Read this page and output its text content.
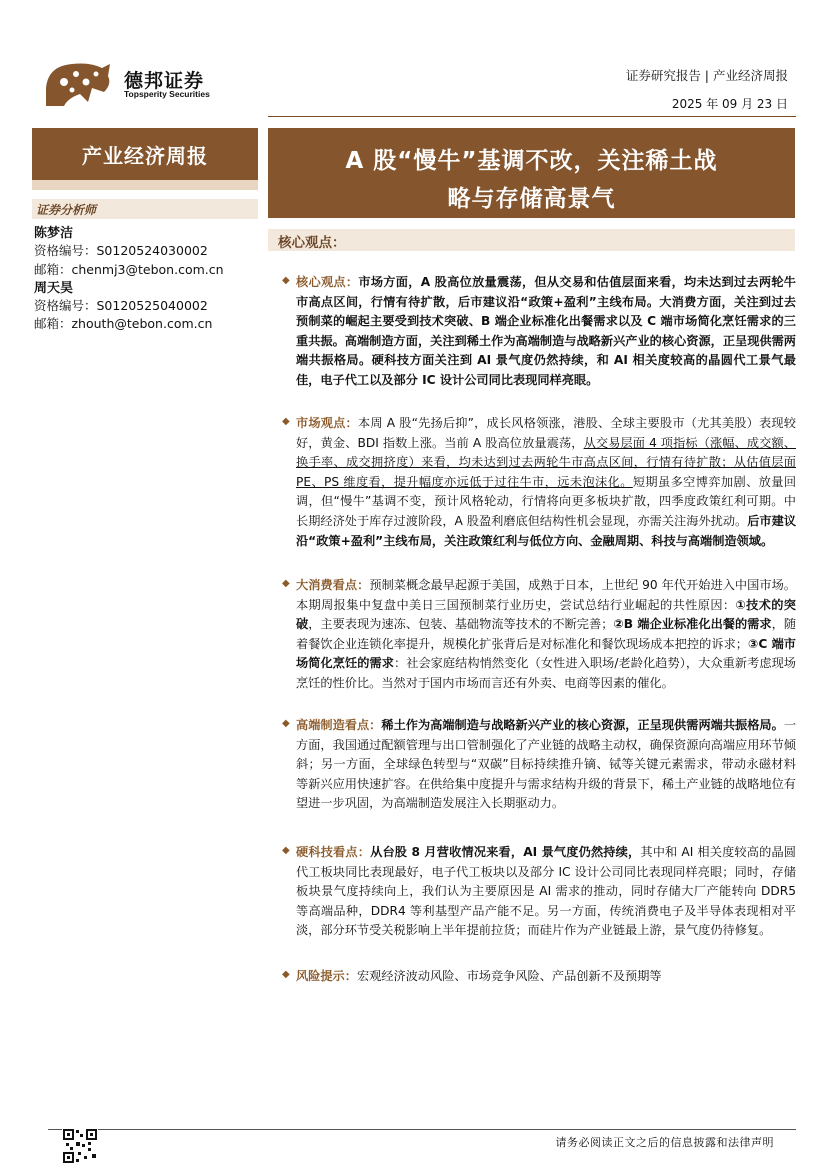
德邦证券
Topsperity Securities
证券研究报告 | 产业经济周报
2025 年 09 月 23 日
产业经济周报
证券分析师
陈梦洁
资格编号：S0120524030002
邮箱：chenmj3@tebon.com.cn
周天昊
资格编号：S0120525040002
邮箱：zhouth@tebon.com.cn
A 股“慢牛”基调不改，关注稀土战
略与存储高景气
核心观点：
◆ 核心观点：市场方面，A 股高位放量震荡，但从交易和估值层面来看，均未达到过去两轮牛市高点区间，行情有待扩散，后市建议沿“政策+盈利”主线布局。大消费方面，关注到过去预制菜的崛起主要受到技术突破、B 端企业标准化出餐需求以及 C 端市场简化烹饪需求的三重共振。高端制造方面，关注到稀土作为高端制造与战略新兴产业的核心资源，正呈现供需两端共振格局。硬科技方面关注到 AI 景气度仍然持续，和 AI 相关度较高的晶圆代工景气最佳，电子代工以及部分 IC 设计公司同比表现同样亮眼。
◆ 市场观点：本周 A 股“先扬后抑”，成长风格领涨，港股、全球主要股市（尤其美股）表现较好，黄金、BDI 指数上涨。当前 A 股高位放量震荡，从交易层面 4 项指标（涨幅、成交额、换手率、成交拥挤度）来看，均未达到过去两轮牛市高点区间，行情有待扩散；从估值层面 PE、PS 维度看，提升幅度亦远低于过往牛市，远未泡沫化。短期虽多空博弈加剧、放量回调，但“慢牛”基调不变，预计风格轮动，行情将向更多板块扩散，四季度政策红利可期。中长期经济处于库存过渡阶段，A 股盈利磨底但结构性机会显现，亦需关注海外扰动。后市建议沿“政策+盈利”主线布局，关注政策红利与低位方向、金融周期、科技与高端制造领域。
◆ 大消费看点：预制菜概念最早起源于美国，成熟于日本，上世纪 90 年代开始进入中国市场。本期周报集中复盘中美日三国预制菜行业历史，尝试总结行业崛起的共性原因：①技术的突破，主要表现为速冻、包装、基础物流等技术的不断完善；②B 端企业标准化出餐的需求，随着餐饮企业连锁化率提升，规模化扩张背后是对标准化和餐饮现场成本把控的诉求；③C 端市场简化烹饪的需求：社会家庭结构悄然变化（女性进入职场/老龄化趋势），大众重新考虑现场烹饪的性价比。当然对于国内市场而言还有外卖、电商等因素的催化。
◆ 高端制造看点：稀土作为高端制造与战略新兴产业的核心资源，正呈现供需两端共振格局。一方面，我国通过配额管理与出口管制强化了产业链的战略主动权，确保资源向高端应用环节倾斜；另一方面，全球绿色转型与“双碳”目标持续推升镝、铽等关键元素需求，带动永磁材料等新兴应用快速扩容。在供给集中度提升与需求结构升级的背景下，稀土产业链的战略地位有望进一步巩固，为高端制造发展注入长期驱动力。
◆ 硬科技看点：从台股 8 月营收情况来看，AI 景气度仍然持续，其中和 AI 相关度较高的晶圆代工板块同比表现最好，电子代工板块以及部分 IC 设计公司同比表现同样亮眼；同时，存储板块景气度持续向上，我们认为主要原因是 AI 需求的推动，同时存储大厂产能转向 DDR5 等高端品种，DDR4 等利基型产品产能不足。另一方面，传统消费电子及半导体表现相对平淡，部分环节受关税影响上半年提前拉货；而硅片作为产业链最上游，景气度仍待修复。
◆ 风险提示：宏观经济波动风险、市场竞争风险、产品创新不及预期等
请务必阅读正文之后的信息披露和法律声明
